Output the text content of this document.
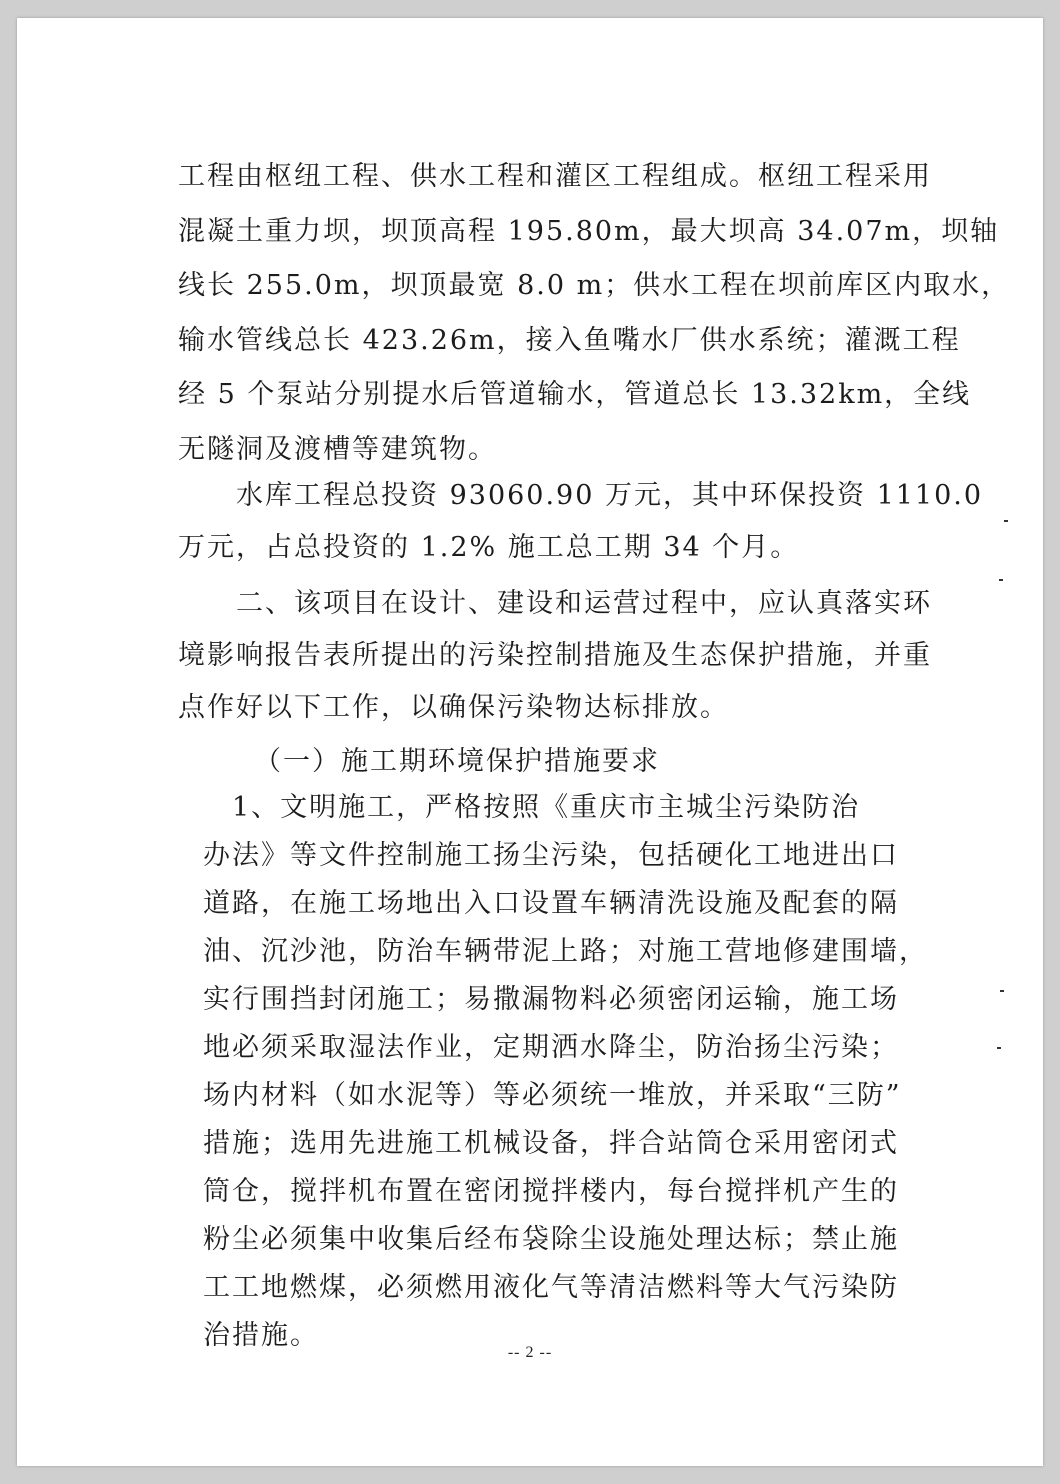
工程由枢纽工程、供水工程和灌区工程组成。枢纽工程采用
混凝土重力坝，坝顶高程 195.80m，最大坝高 34.07m，坝轴
线长 255.0m，坝顶最宽 8.0 m；供水工程在坝前库区内取水，
输水管线总长 423.26m，接入鱼嘴水厂供水系统；灌溉工程
经 5 个泵站分别提水后管道输水，管道总长 13.32km，全线
无隧洞及渡槽等建筑物。
　　水库工程总投资 93060.90 万元，其中环保投资 1110.0
万元，占总投资的 1.2% 施工总工期 34 个月。
　　二、该项目在设计、建设和运营过程中，应认真落实环
境影响报告表所提出的污染控制措施及生态保护措施，并重
点作好以下工作，以确保污染物达标排放。
（一）施工期环境保护措施要求
　1、文明施工，严格按照《重庆市主城尘污染防治
办法》等文件控制施工扬尘污染，包括硬化工地进出口
道路，在施工场地出入口设置车辆清洗设施及配套的隔
油、沉沙池，防治车辆带泥上路；对施工营地修建围墙，
实行围挡封闭施工；易撒漏物料必须密闭运输，施工场
地必须采取湿法作业，定期洒水降尘，防治扬尘污染；
场内材料（如水泥等）等必须统一堆放，并采取“三防”
措施；选用先进施工机械设备，拌合站筒仓采用密闭式
筒仓，搅拌机布置在密闭搅拌楼内，每台搅拌机产生的
粉尘必须集中收集后经布袋除尘设施处理达标；禁止施
工工地燃煤，必须燃用液化气等清洁燃料等大气污染防
治措施。
-- 2 --
